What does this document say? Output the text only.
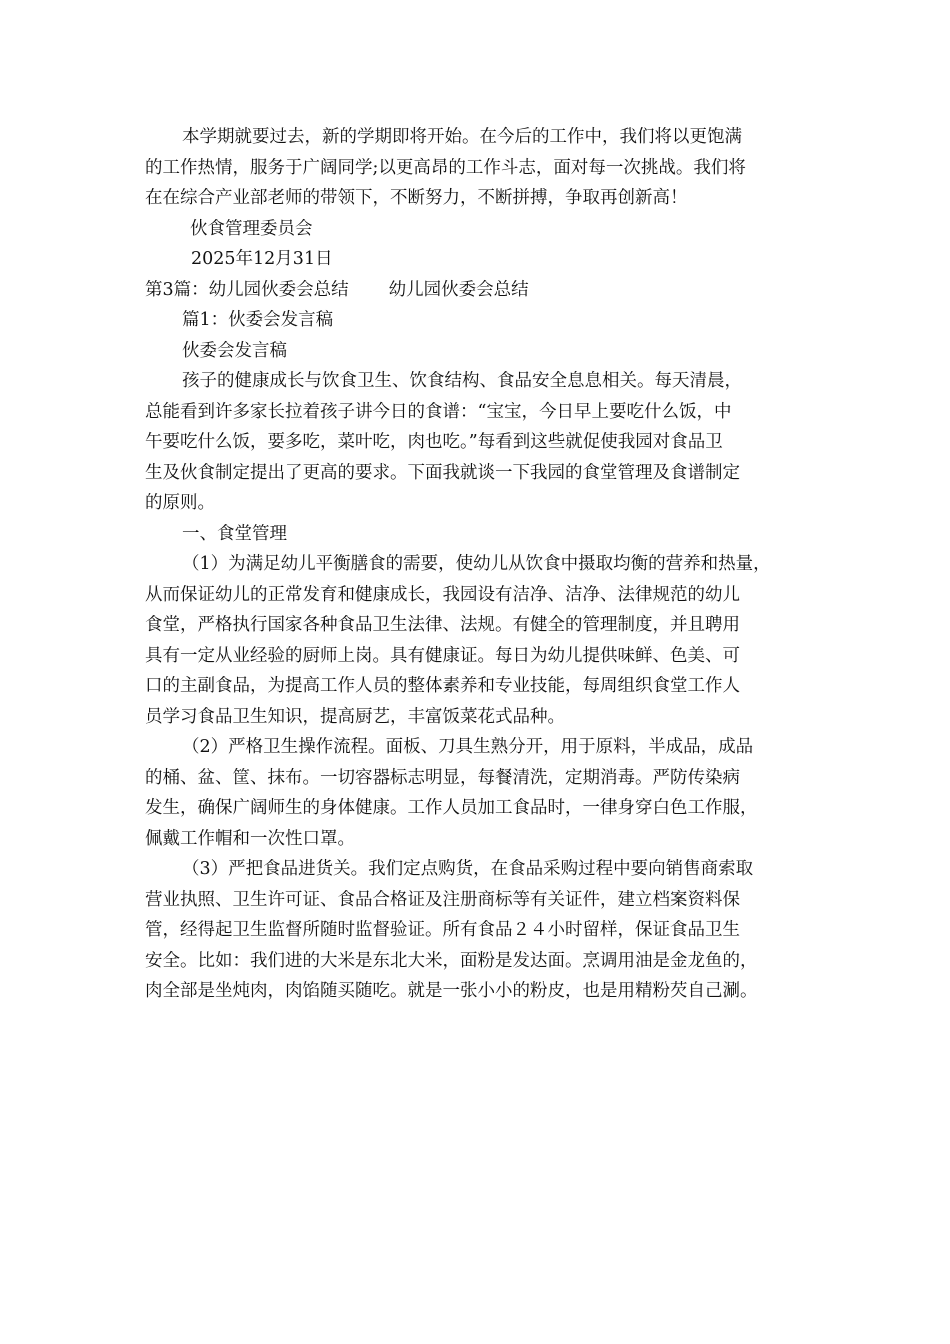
本学期就要过去，新的学期即将开始。在今后的工作中，我们将以更饱满
的工作热情，服务于广阔同学;以更高昂的工作斗志，面对每一次挑战。我们将
在在综合产业部老师的带领下，不断努力，不断拼搏，争取再创新高！
伙食管理委员会
2025年12月31日
第3篇：幼儿园伙委会总结 幼儿园伙委会总结
篇1：伙委会发言稿
伙委会发言稿
孩子的健康成长与饮食卫生、饮食结构、食品安全息息相关。每天清晨，
总能看到许多家长拉着孩子讲今日的食谱：“宝宝，今日早上要吃什么饭，中
午要吃什么饭，要多吃，菜叶吃，肉也吃。”每看到这些就促使我园对食品卫
生及伙食制定提出了更高的要求。下面我就谈一下我园的食堂管理及食谱制定
的原则。
一、食堂管理
（1）为满足幼儿平衡膳食的需要，使幼儿从饮食中摄取均衡的营养和热量，
从而保证幼儿的正常发育和健康成长，我园设有洁净、洁净、法律规范的幼儿
食堂，严格执行国家各种食品卫生法律、法规。有健全的管理制度，并且聘用
具有一定从业经验的厨师上岗。具有健康证。每日为幼儿提供味鲜、色美、可
口的主副食品，为提高工作人员的整体素养和专业技能，每周组织食堂工作人
员学习食品卫生知识，提高厨艺，丰富饭菜花式品种。
（2）严格卫生操作流程。面板、刀具生熟分开，用于原料，半成品，成品
的桶、盆、筐、抹布。一切容器标志明显，每餐清洗，定期消毒。严防传染病
发生，确保广阔师生的身体健康。工作人员加工食品时，一律身穿白色工作服，
佩戴工作帽和一次性口罩。
（3）严把食品进货关。我们定点购货，在食品采购过程中要向销售商索取
营业执照、卫生许可证、食品合格证及注册商标等有关证件，建立档案资料保
管，经得起卫生监督所随时监督验证。所有食品２４小时留样，保证食品卫生
安全。比如：我们进的大米是东北大米，面粉是发达面。烹调用油是金龙鱼的，
肉全部是坐炖肉，肉馅随买随吃。就是一张小小的粉皮，也是用精粉芡自己涮。
